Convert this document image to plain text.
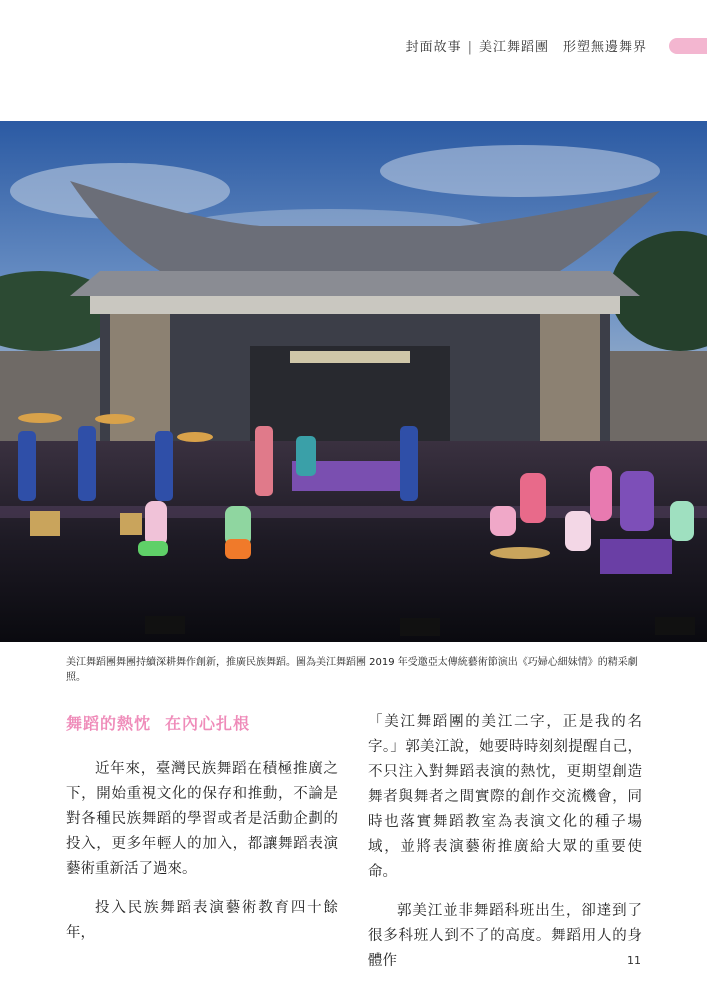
封面故事 | 美江舞蹈團 形塑無邊舞界
美江舞蹈團舞團持續深耕舞作創新，推廣民族舞蹈。圖為美江舞蹈團 2019 年受邀亞太傳統藝術節演出《巧婦心細妹情》的精采劇照。
舞蹈的熱忱 在內心扎根

近年來，臺灣民族舞蹈在積極推廣之下，開始重視文化的保存和推動，不論是對各種民族舞蹈的學習或者是活動企劃的投入，更多年輕人的加入，都讓舞蹈表演藝術重新活了過來。

投入民族舞蹈表演藝術教育四十餘年，

「美江舞蹈團的美江二字，正是我的名字。」郭美江說，她要時時刻刻提醒自己，不只注入對舞蹈表演的熱忱，更期望創造舞者與舞者之間實際的創作交流機會，同時也落實舞蹈教室為表演文化的種子場域，並將表演藝術推廣給大眾的重要使命。

郭美江並非舞蹈科班出生，卻達到了很多科班人到不了的高度。舞蹈用人的身體作	11
